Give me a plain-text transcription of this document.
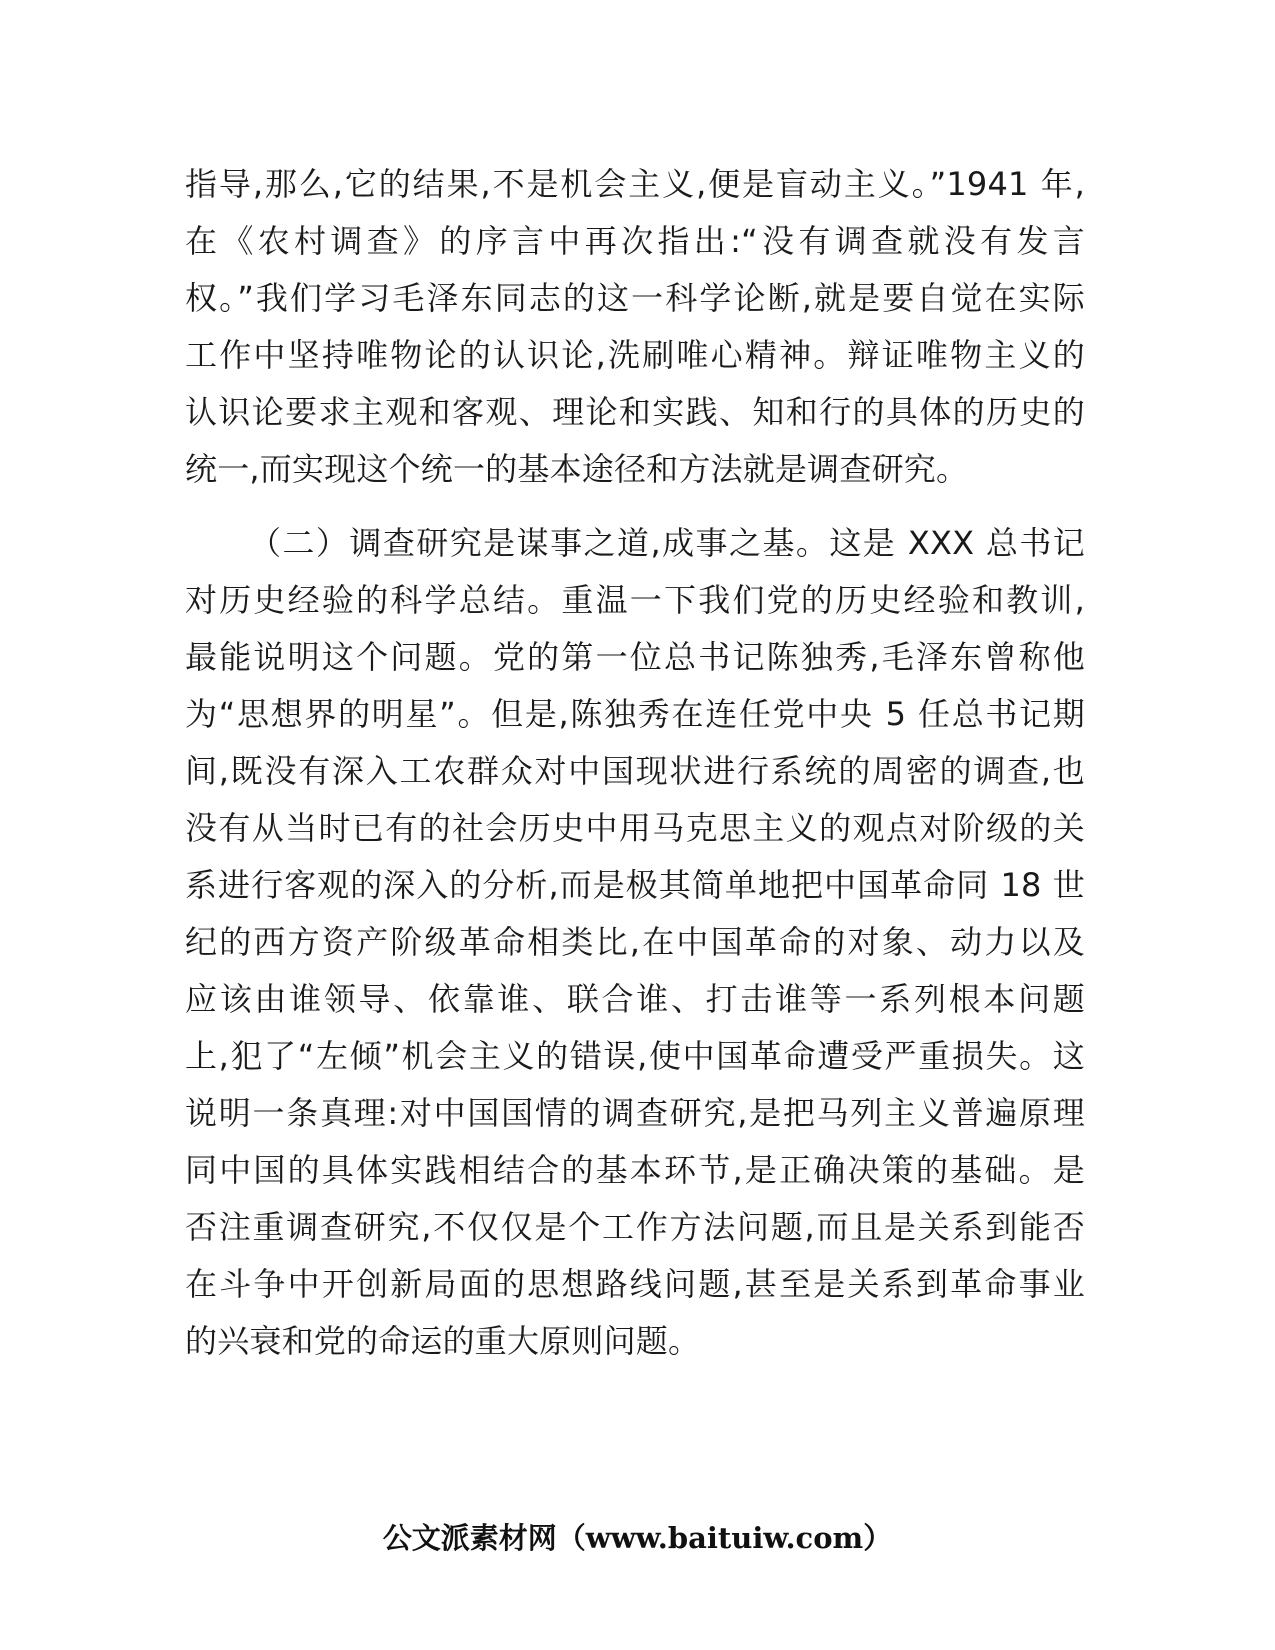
指导,那么,它的结果,不是机会主义,便是盲动主义。”1941 年,
在《农村调查》的序言中再次指出:“没有调查就没有发言
权。”我们学习毛泽东同志的这一科学论断,就是要自觉在实际
工作中坚持唯物论的认识论,洗刷唯心精神。辩证唯物主义的
认识论要求主观和客观、理论和实践、知和行的具体的历史的
统一,而实现这个统一的基本途径和方法就是调查研究。
（二）调查研究是谋事之道,成事之基。这是 XXX 总书记
对历史经验的科学总结。重温一下我们党的历史经验和教训,
最能说明这个问题。党的第一位总书记陈独秀,毛泽东曾称他
为“思想界的明星”。但是,陈独秀在连任党中央 5 任总书记期
间,既没有深入工农群众对中国现状进行系统的周密的调查,也
没有从当时已有的社会历史中用马克思主义的观点对阶级的关
系进行客观的深入的分析,而是极其简单地把中国革命同 18 世
纪的西方资产阶级革命相类比,在中国革命的对象、动力以及
应该由谁领导、依靠谁、联合谁、打击谁等一系列根本问题
上,犯了“左倾”机会主义的错误,使中国革命遭受严重损失。这
说明一条真理:对中国国情的调查研究,是把马列主义普遍原理
同中国的具体实践相结合的基本环节,是正确决策的基础。是
否注重调查研究,不仅仅是个工作方法问题,而且是关系到能否
在斗争中开创新局面的思想路线问题,甚至是关系到革命事业
的兴衰和党的命运的重大原则问题。
公文派素材网（www.baituiw.com）
